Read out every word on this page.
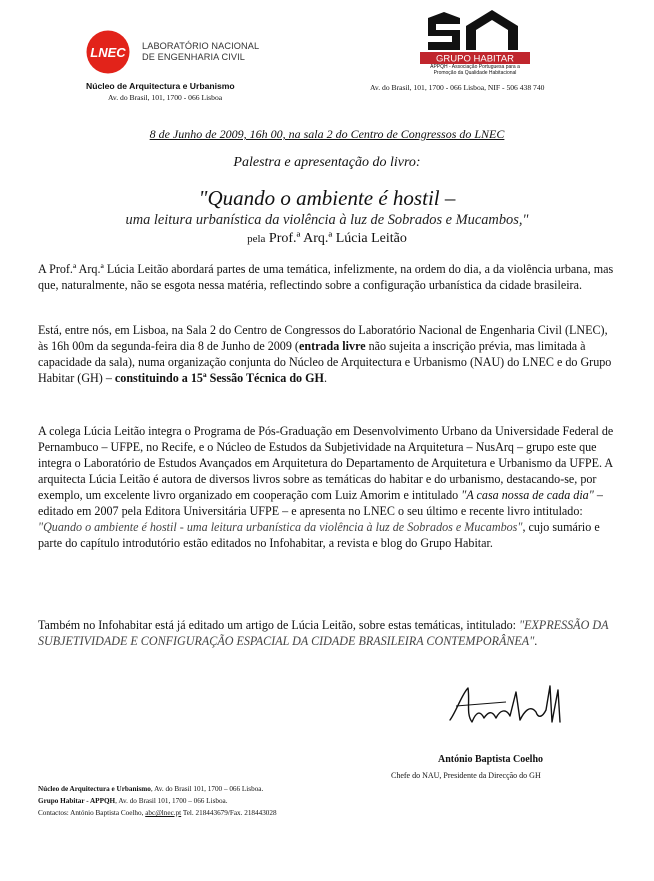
LNEC LABORATÓRIO NACIONAL
DE ENGENHARIA CIVIL
Núcleo de Arquitectura e Urbanismo
Av. do Brasil, 101, 1700 - 066 Lisboa
GRUPO HABITAR
APPQH - Associação Portuguesa para a Promoção da Qualidade Habitacional
Av. do Brasil, 101, 1700 - 066 Lisboa, NIF - 506 438 740
8 de Junho de 2009, 16h 00, na sala 2 do Centro de Congressos do LNEC
Palestra e apresentação do livro:
"Quando o ambiente é hostil –
uma leitura urbanística da violência à luz de Sobrados e Mucambos,"
pela Prof.ª Arq.ª Lúcia Leitão
A Prof.ª Arq.ª Lúcia Leitão abordará partes de uma temática, infelizmente, na ordem do dia, a da violência urbana, mas que, naturalmente, não se esgota nessa matéria, reflectindo sobre a configuração urbanística da cidade brasileira.
Está, entre nós, em Lisboa, na Sala 2 do Centro de Congressos do Laboratório Nacional de Engenharia Civil (LNEC), às 16h 00m da segunda-feira dia 8 de Junho de 2009 (entrada livre não sujeita a inscrição prévia, mas limitada à capacidade da sala), numa organização conjunta do Núcleo de Arquitectura e Urbanismo (NAU) do LNEC e do Grupo Habitar (GH) – constituindo a 15ª Sessão Técnica do GH.
A colega Lúcia Leitão integra o Programa de Pós-Graduação em Desenvolvimento Urbano da Universidade Federal de Pernambuco – UFPE, no Recife, e o Núcleo de Estudos da Subjetividade na Arquitetura – NusArq – grupo este que integra o Laboratório de Estudos Avançados em Arquitetura do Departamento de Arquitetura e Urbanismo da UFPE. A arquitecta Lúcia Leitão é autora de diversos livros sobre as temáticas do habitar e do urbanismo, destacando-se, por exemplo, um excelente livro organizado em cooperação com Luiz Amorim e intitulado "A casa nossa de cada dia" – editado em 2007 pela Editora Universitária UFPE – e apresenta no LNEC o seu último e recente livro intitulado:
"Quando o ambiente é hostil - uma leitura urbanística da violência à luz de Sobrados e Mucambos", cujo sumário e parte do capítulo introdutório estão editados no Infohabitar, a revista e blog do Grupo Habitar.
Também no Infohabitar está já editado um artigo de Lúcia Leitão, sobre estas temáticas, intitulado: "EXPRESSÃO DA SUBJETIVIDADE E CONFIGURAÇÃO ESPACIAL DA CIDADE BRASILEIRA CONTEMPORÂNEA".
António Baptista Coelho
Chefe do NAU, Presidente da Direcção do GH
Núcleo de Arquitectura e Urbanismo, Av. do Brasil 101, 1700 – 066 Lisboa.
Grupo Habitar - APPQH, Av. do Brasil 101, 1700 – 066 Lisboa.
Contactos: António Baptista Coelho, abc@lnec.pt Tel. 218443679/Fax. 218443028
